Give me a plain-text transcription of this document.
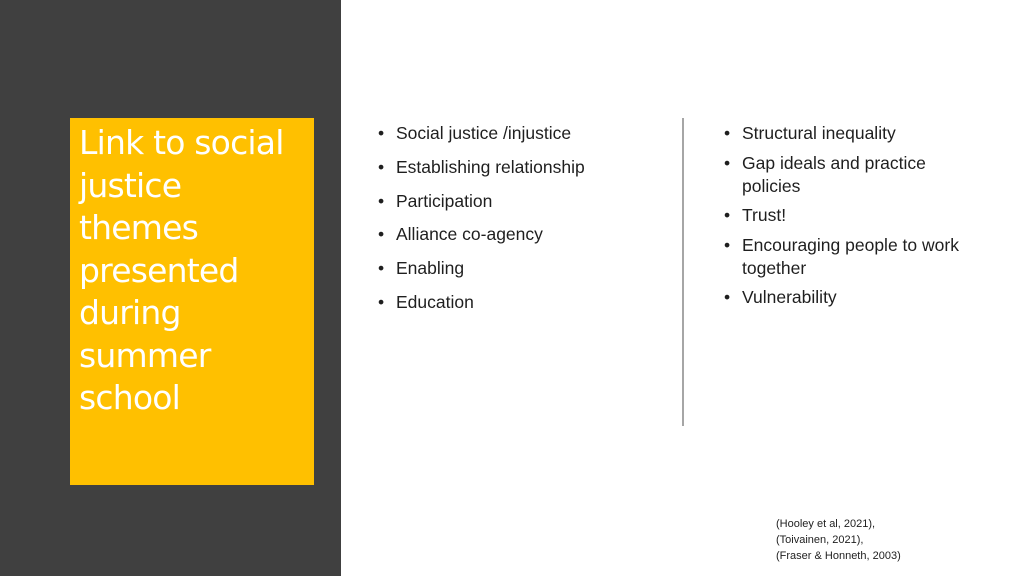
Link to social justice themes presented during summer school
• Social justice /injustice
• Establishing relationship
• Participation
• Alliance co-agency
• Enabling
• Education
• Structural inequality
• Gap ideals and practice policies
• Trust!
• Encouraging people to work together
• Vulnerability
(Hooley et al, 2021),
(Toivainen, 2021),
(Fraser & Honneth, 2003)
